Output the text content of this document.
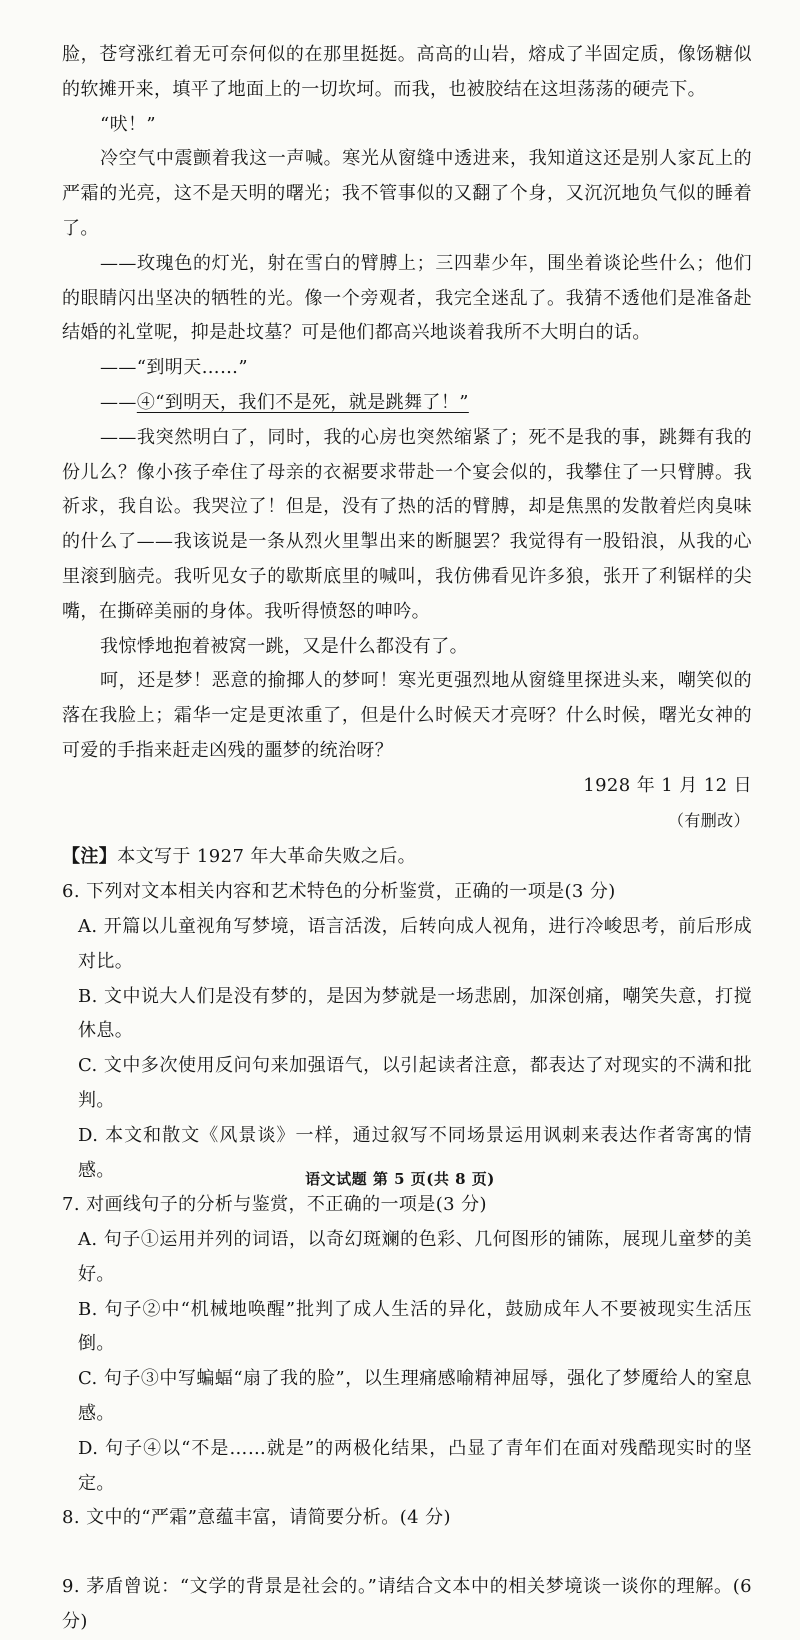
脸，苍穹涨红着无可奈何似的在那里挺挺。高高的山岩，熔成了半固定质，像饧糖似的软摊开来，填平了地面上的一切坎坷。而我，也被胶结在这坦荡荡的硬壳下。

“吠！”

冷空气中震颤着我这一声喊。寒光从窗缝中透进来，我知道这还是别人家瓦上的严霜的光亮，这不是天明的曙光；我不管事似的又翻了个身，又沉沉地负气似的睡着了。

——玫瑰色的灯光，射在雪白的臂膊上；三四辈少年，围坐着谈论些什么；他们的眼睛闪出坚决的牺牲的光。像一个旁观者，我完全迷乱了。我猜不透他们是准备赴结婚的礼堂呢，抑是赴坟墓？可是他们都高兴地谈着我所不大明白的话。

——“到明天……”

——④“到明天，我们不是死，就是跳舞了！”

——我突然明白了，同时，我的心房也突然缩紧了；死不是我的事，跳舞有我的份儿么？像小孩子牵住了母亲的衣裾要求带赴一个宴会似的，我攀住了一只臂膊。我祈求，我自讼。我哭泣了！但是，没有了热的活的臂膊，却是焦黑的发散着烂肉臭味的什么了——我该说是一条从烈火里掣出来的断腿罢？我觉得有一股铅浪，从我的心里滚到脑壳。我听见女子的歇斯底里的喊叫，我仿佛看见许多狼，张开了利锯样的尖嘴，在撕碎美丽的身体。我听得愤怒的呻吟。

我惊悸地抱着被窝一跳，又是什么都没有了。

呵，还是梦！恶意的揄揶人的梦呵！寒光更强烈地从窗缝里探进头来，嘲笑似的落在我脸上；霜华一定是更浓重了，但是什么时候天才亮呀？什么时候，曙光女神的可爱的手指来赶走凶残的噩梦的统治呀？

1928 年 1 月 12 日

（有删改）

【注】本文写于 1927 年大革命失败之后。

6. 下列对文本相关内容和艺术特色的分析鉴赏，正确的一项是(3 分)

A. 开篇以儿童视角写梦境，语言活泼，后转向成人视角，进行冷峻思考，前后形成对比。

B. 文中说大人们是没有梦的，是因为梦就是一场悲剧，加深创痛，嘲笑失意，打搅休息。

C. 文中多次使用反问句来加强语气，以引起读者注意，都表达了对现实的不满和批判。

D. 本文和散文《风景谈》一样，通过叙写不同场景运用讽刺来表达作者寄寓的情感。

7. 对画线句子的分析与鉴赏，不正确的一项是(3 分)

A. 句子①运用并列的词语，以奇幻斑斓的色彩、几何图形的铺陈，展现儿童梦的美好。

B. 句子②中“机械地唤醒”批判了成人生活的异化，鼓励成年人不要被现实生活压倒。

C. 句子③中写蝙蝠“扇了我的脸”，以生理痛感喻精神屈辱，强化了梦魇给人的窒息感。

D. 句子④以“不是……就是”的两极化结果，凸显了青年们在面对残酷现实时的坚定。

8. 文中的“严霜”意蕴丰富，请简要分析。(4 分)

9. 茅盾曾说：“文学的背景是社会的。”请结合文本中的相关梦境谈一谈你的理解。(6 分)

语文试题 第 5 页(共 8 页)
